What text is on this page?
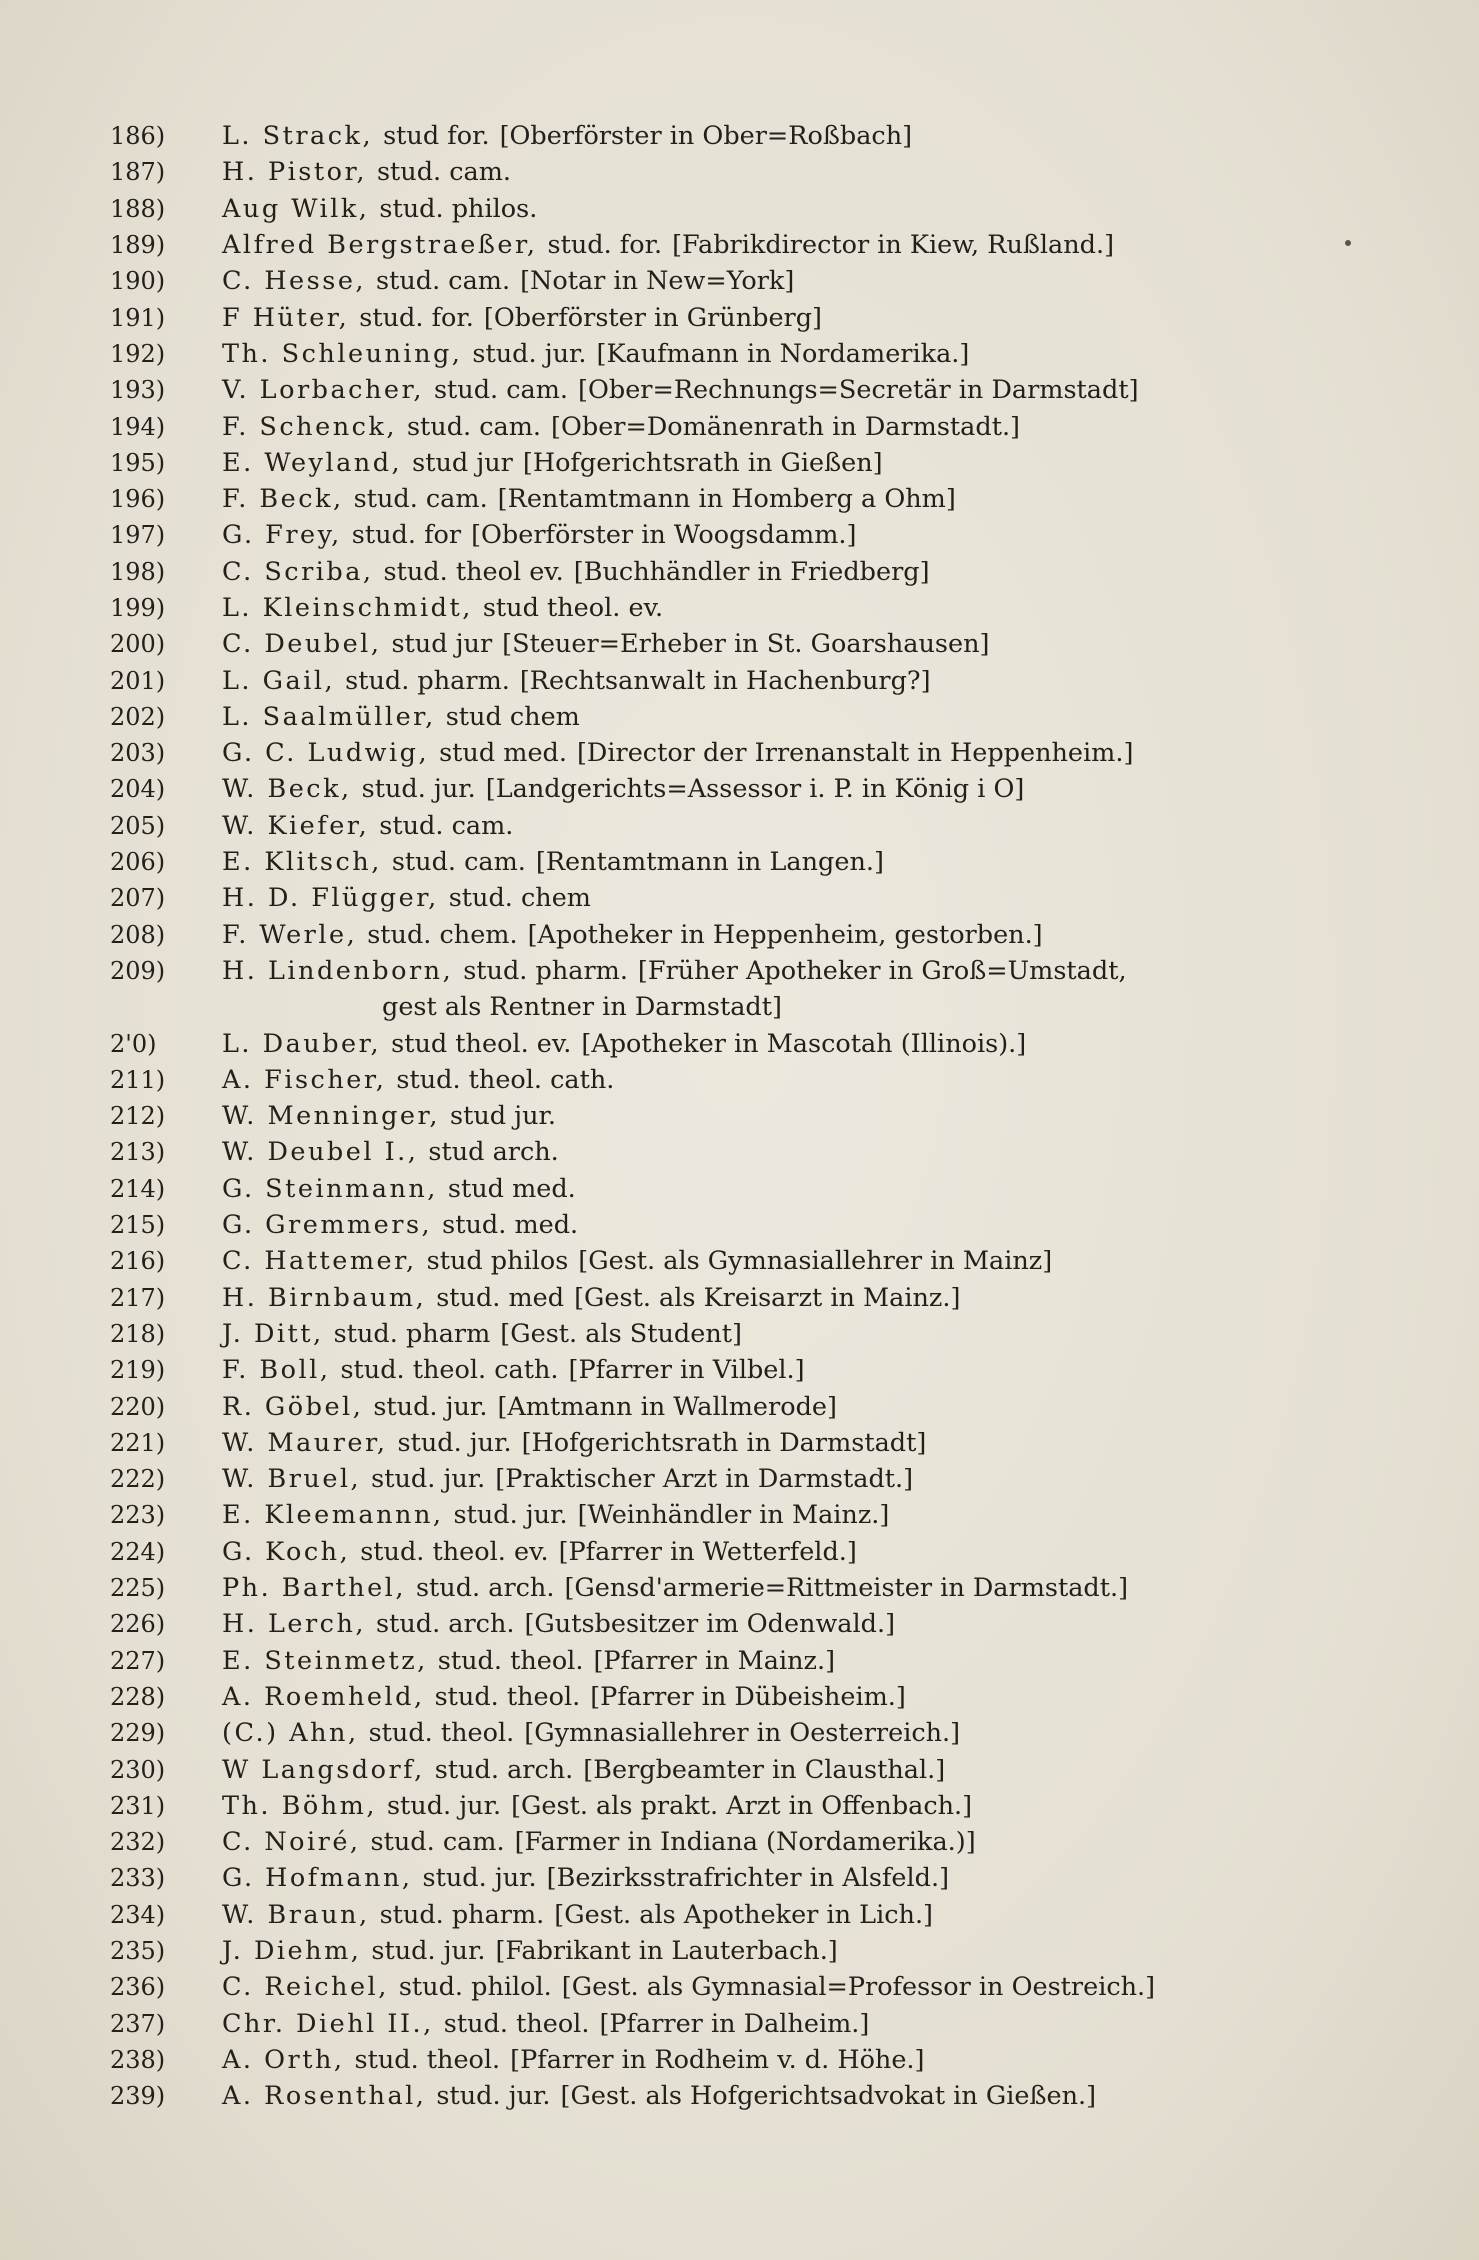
186)	L. Strack, stud for. [Oberförster in Ober=Roßbach]
187)	H. Pistor, stud. cam.
188)	Aug Wilk, stud. philos.
189)	Alfred Bergstraeßer, stud. for. [Fabrikdirector in Kiew, Rußland.]
190)	C. Hesse, stud. cam. [Notar in New=York]
191)	F Hüter, stud. for. [Oberförster in Grünberg]
192)	Th. Schleuning, stud. jur. [Kaufmann in Nordamerika.]
193)	V. Lorbacher, stud. cam. [Ober=Rechnungs=Secretär in Darmstadt]
194)	F. Schenck, stud. cam. [Ober=Domänenrath in Darmstadt.]
195)	E. Weyland, stud jur [Hofgerichtsrath in Gießen]
196)	F. Beck, stud. cam. [Rentamtmann in Homberg a Ohm]
197)	G. Frey, stud. for [Oberförster in Woogsdamm.]
198)	C. Scriba, stud. theol ev. [Buchhändler in Friedberg]
199)	L. Kleinschmidt, stud theol. ev.
200)	C. Deubel, stud jur [Steuer=Erheber in St. Goarshausen]
201)	L. Gail, stud. pharm. [Rechtsanwalt in Hachenburg?]
202)	L. Saalmüller, stud chem
203)	G. C. Ludwig, stud med. [Director der Irrenanstalt in Heppenheim.]
204)	W. Beck, stud. jur. [Landgerichts=Assessor i. P. in König i O]
205)	W. Kiefer, stud. cam.
206)	E. Klitsch, stud. cam. [Rentamtmann in Langen.]
207)	H. D. Flügger, stud. chem
208)	F. Werle, stud. chem. [Apotheker in Heppenheim, gestorben.]
209)	H. Lindenborn, stud. pharm. [Früher Apotheker in Groß=Umstadt,
gest als Rentner in Darmstadt]
2'0)	L. Dauber, stud theol. ev. [Apotheker in Mascotah (Illinois).]
211)	A. Fischer, stud. theol. cath.
212)	W. Menninger, stud jur.
213)	W. Deubel I., stud arch.
214)	G. Steinmann, stud med.
215)	G. Gremmers, stud. med.
216)	C. Hattemer, stud philos [Gest. als Gymnasiallehrer in Mainz]
217)	H. Birnbaum, stud. med [Gest. als Kreisarzt in Mainz.]
218)	J. Ditt, stud. pharm [Gest. als Student]
219)	F. Boll, stud. theol. cath. [Pfarrer in Vilbel.]
220)	R. Göbel, stud. jur. [Amtmann in Wallmerode]
221)	W. Maurer, stud. jur. [Hofgerichtsrath in Darmstadt]
222)	W. Bruel, stud. jur. [Praktischer Arzt in Darmstadt.]
223)	E. Kleemannn, stud. jur. [Weinhändler in Mainz.]
224)	G. Koch, stud. theol. ev. [Pfarrer in Wetterfeld.]
225)	Ph. Barthel, stud. arch. [Gensd'armerie=Rittmeister in Darmstadt.]
226)	H. Lerch, stud. arch. [Gutsbesitzer im Odenwald.]
227)	E. Steinmetz, stud. theol. [Pfarrer in Mainz.]
228)	A. Roemheld, stud. theol. [Pfarrer in Dübeisheim.]
229)	(C.) Ahn, stud. theol. [Gymnasiallehrer in Oesterreich.]
230)	W Langsdorf, stud. arch. [Bergbeamter in Clausthal.]
231)	Th. Böhm, stud. jur. [Gest. als prakt. Arzt in Offenbach.]
232)	C. Noiré, stud. cam. [Farmer in Indiana (Nordamerika.)]
233)	G. Hofmann, stud. jur. [Bezirksstrafrichter in Alsfeld.]
234)	W. Braun, stud. pharm. [Gest. als Apotheker in Lich.]
235)	J. Diehm, stud. jur. [Fabrikant in Lauterbach.]
236)	C. Reichel, stud. philol. [Gest. als Gymnasial=Professor in Oestreich.]
237)	Chr. Diehl II., stud. theol. [Pfarrer in Dalheim.]
238)	A. Orth, stud. theol. [Pfarrer in Rodheim v. d. Höhe.]
239)	A. Rosenthal, stud. jur. [Gest. als Hofgerichtsadvokat in Gießen.]
